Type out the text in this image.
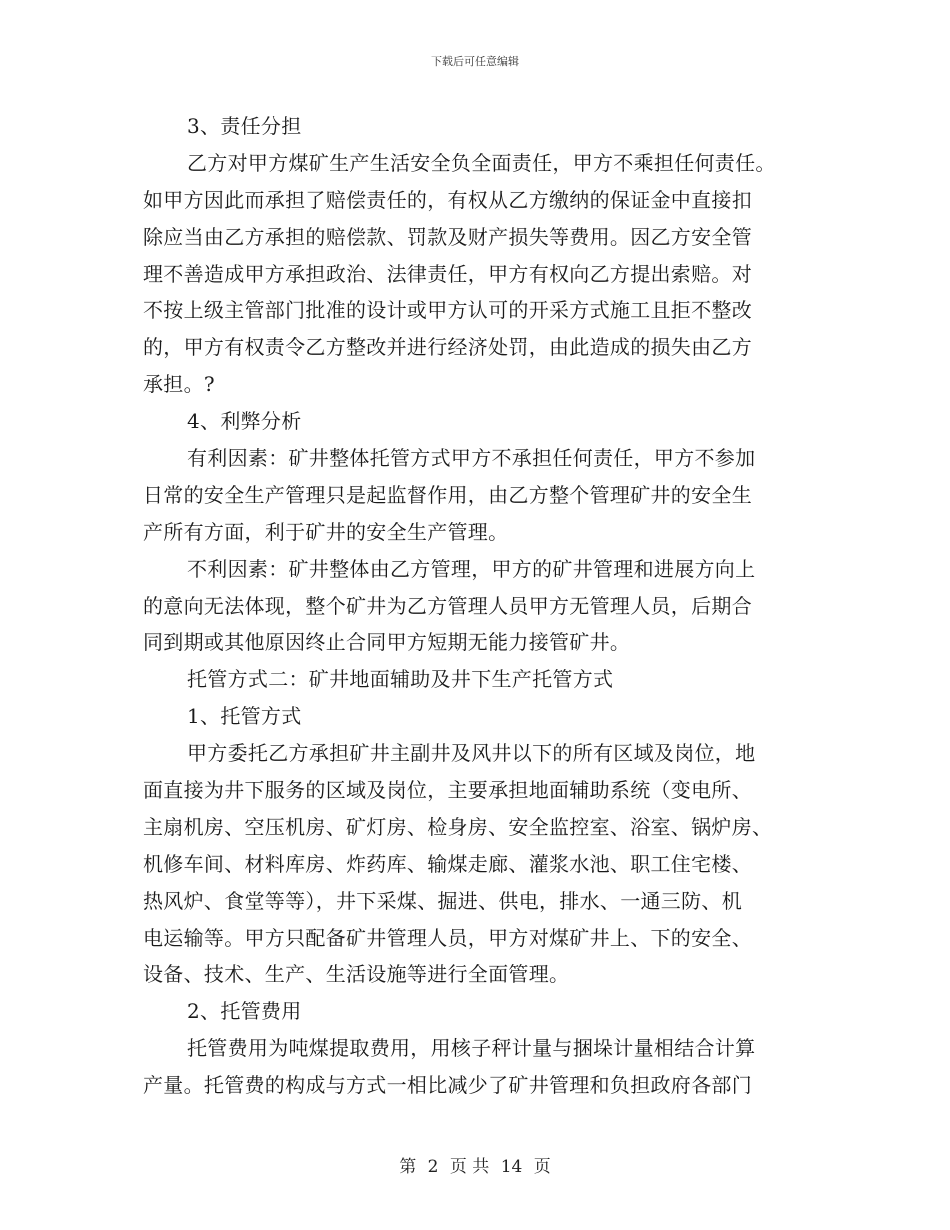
下载后可任意编辑
3、责任分担
乙方对甲方煤矿生产生活安全负全面责任，甲方不乘担任何责任。
如甲方因此而承担了赔偿责任的，有权从乙方缴纳的保证金中直接扣
除应当由乙方承担的赔偿款、罚款及财产损失等费用。因乙方安全管
理不善造成甲方承担政治、法律责任，甲方有权向乙方提出索赔。对
不按上级主管部门批准的设计或甲方认可的开采方式施工且拒不整改
的，甲方有权责令乙方整改并进行经济处罚，由此造成的损失由乙方
承担。?
4、利弊分析
有利因素：矿井整体托管方式甲方不承担任何责任，甲方不参加
日常的安全生产管理只是起监督作用，由乙方整个管理矿井的安全生
产所有方面，利于矿井的安全生产管理。
不利因素：矿井整体由乙方管理，甲方的矿井管理和进展方向上
的意向无法体现，整个矿井为乙方管理人员甲方无管理人员，后期合
同到期或其他原因终止合同甲方短期无能力接管矿井。
托管方式二：矿井地面辅助及井下生产托管方式
1、托管方式
甲方委托乙方承担矿井主副井及风井以下的所有区域及岗位，地
面直接为井下服务的区域及岗位，主要承担地面辅助系统（变电所、
主扇机房、空压机房、矿灯房、检身房、安全监控室、浴室、锅炉房、
机修车间、材料库房、炸药库、输煤走廊、灌浆水池、职工住宅楼、
热风炉、食堂等等），井下采煤、掘进、供电，排水、一通三防、机
电运输等。甲方只配备矿井管理人员，甲方对煤矿井上、下的安全、
设备、技术、生产、生活设施等进行全面管理。
2、托管费用
托管费用为吨煤提取费用，用核子秤计量与捆垛计量相结合计算
产量。托管费的构成与方式一相比减少了矿井管理和负担政府各部门
第 2 页 共 14 页
